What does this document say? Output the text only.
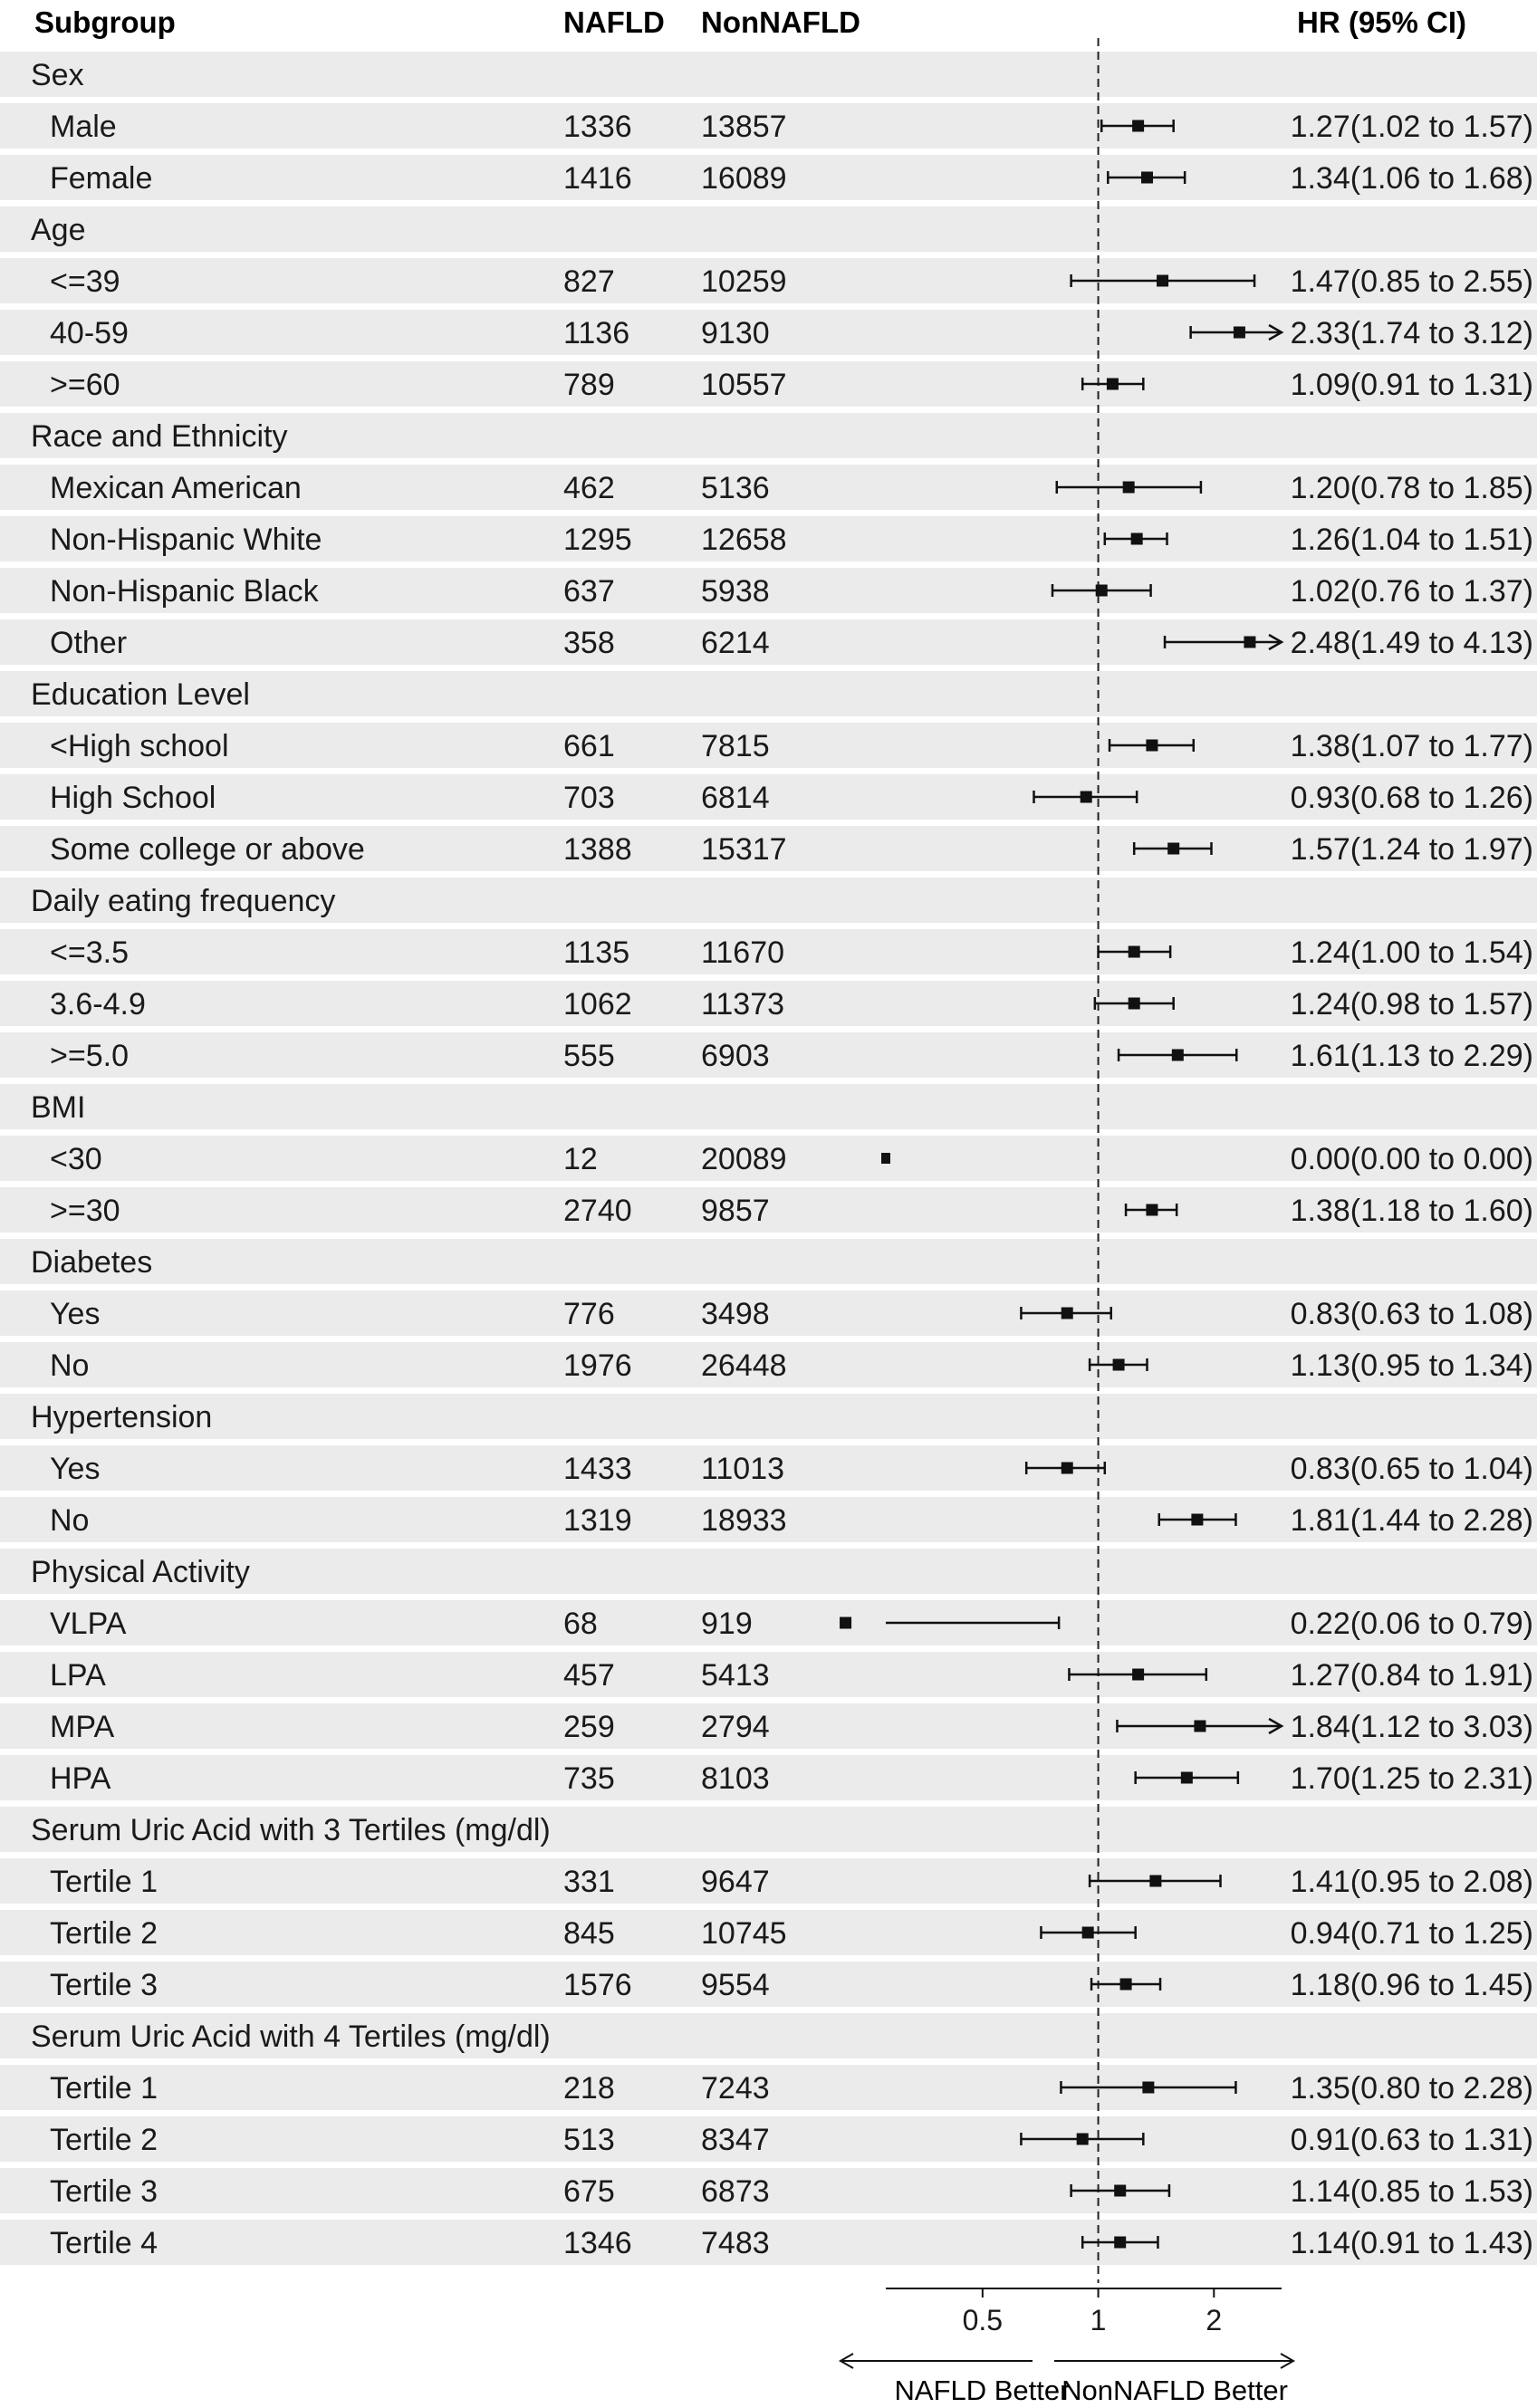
Subgroup	NAFLD NonNAFLD	HR (95% CI)
Sex
Male	1336 13857	1.27(1.02 to 1.57)
Female	1416 16089	1.34(1.06 to 1.68)
Age
<=39	827	10259	1.47(0.85 to 2.55)
40-59	1136 9130	2.33(1.74 to 3.12)
>=60	789	10557	1.09(0.91 to 1.31)
Race and Ethnicity
Mexican American	462	5136	1.20(0.78 to 1.85)
Non-Hispanic White	1295 12658	1.26(1.04 to 1.51)
Non-Hispanic Black	637	5938	1.02(0.76 to 1.37)
Other	358	6214	2.48(1.49 to 4.13)
Education Level
<High school	661	7815	1.38(1.07 to 1.77)
High School	703	6814	0.93(0.68 to 1.26)
Some college or above	1388 15317	1.57(1.24 to 1.97)
Daily eating frequency
<=3.5	1135 11670	1.24(1.00 to 1.54)
3.6-4.9	1062 11373	1.24(0.98 to 1.57)
>=5.0	555	6903	1.61(1.13 to 2.29)
BMI
<30	12	20089	0.00(0.00 to 0.00)
>=30	2740 9857	1.38(1.18 to 1.60)
Diabetes
Yes	776	3498	0.83(0.63 to 1.08)
No	1976 26448	1.13(0.95 to 1.34)
Hypertension
Yes	1433 11013	0.83(0.65 to 1.04)
No	1319 18933	1.81(1.44 to 2.28)
Physical Activity
VLPA	68	919	0.22(0.06 to 0.79)
LPA	457	5413	1.27(0.84 to 1.91)
MPA	259	2794	1.84(1.12 to 3.03)
HPA	735	8103	1.70(1.25 to 2.31)
Serum Uric Acid with 3 Tertiles (mg/dl)
Tertile 1	331	9647	1.41(0.95 to 2.08)
Tertile 2	845	10745	0.94(0.71 to 1.25)
Tertile 3	1576 9554	1.18(0.96 to 1.45)
Serum Uric Acid with 4 Tertiles (mg/dl)
Tertile 1	218	7243	1.35(0.80 to 2.28)
Tertile 2	513	8347	0.91(0.63 to 1.31)
Tertile 3	675	6873	1.14(0.85 to 1.53)
Tertile 4	1346 7483	1.14(0.91 to 1.43)
0.5	1	2
NAFLD Better
NonNAFLD Better
